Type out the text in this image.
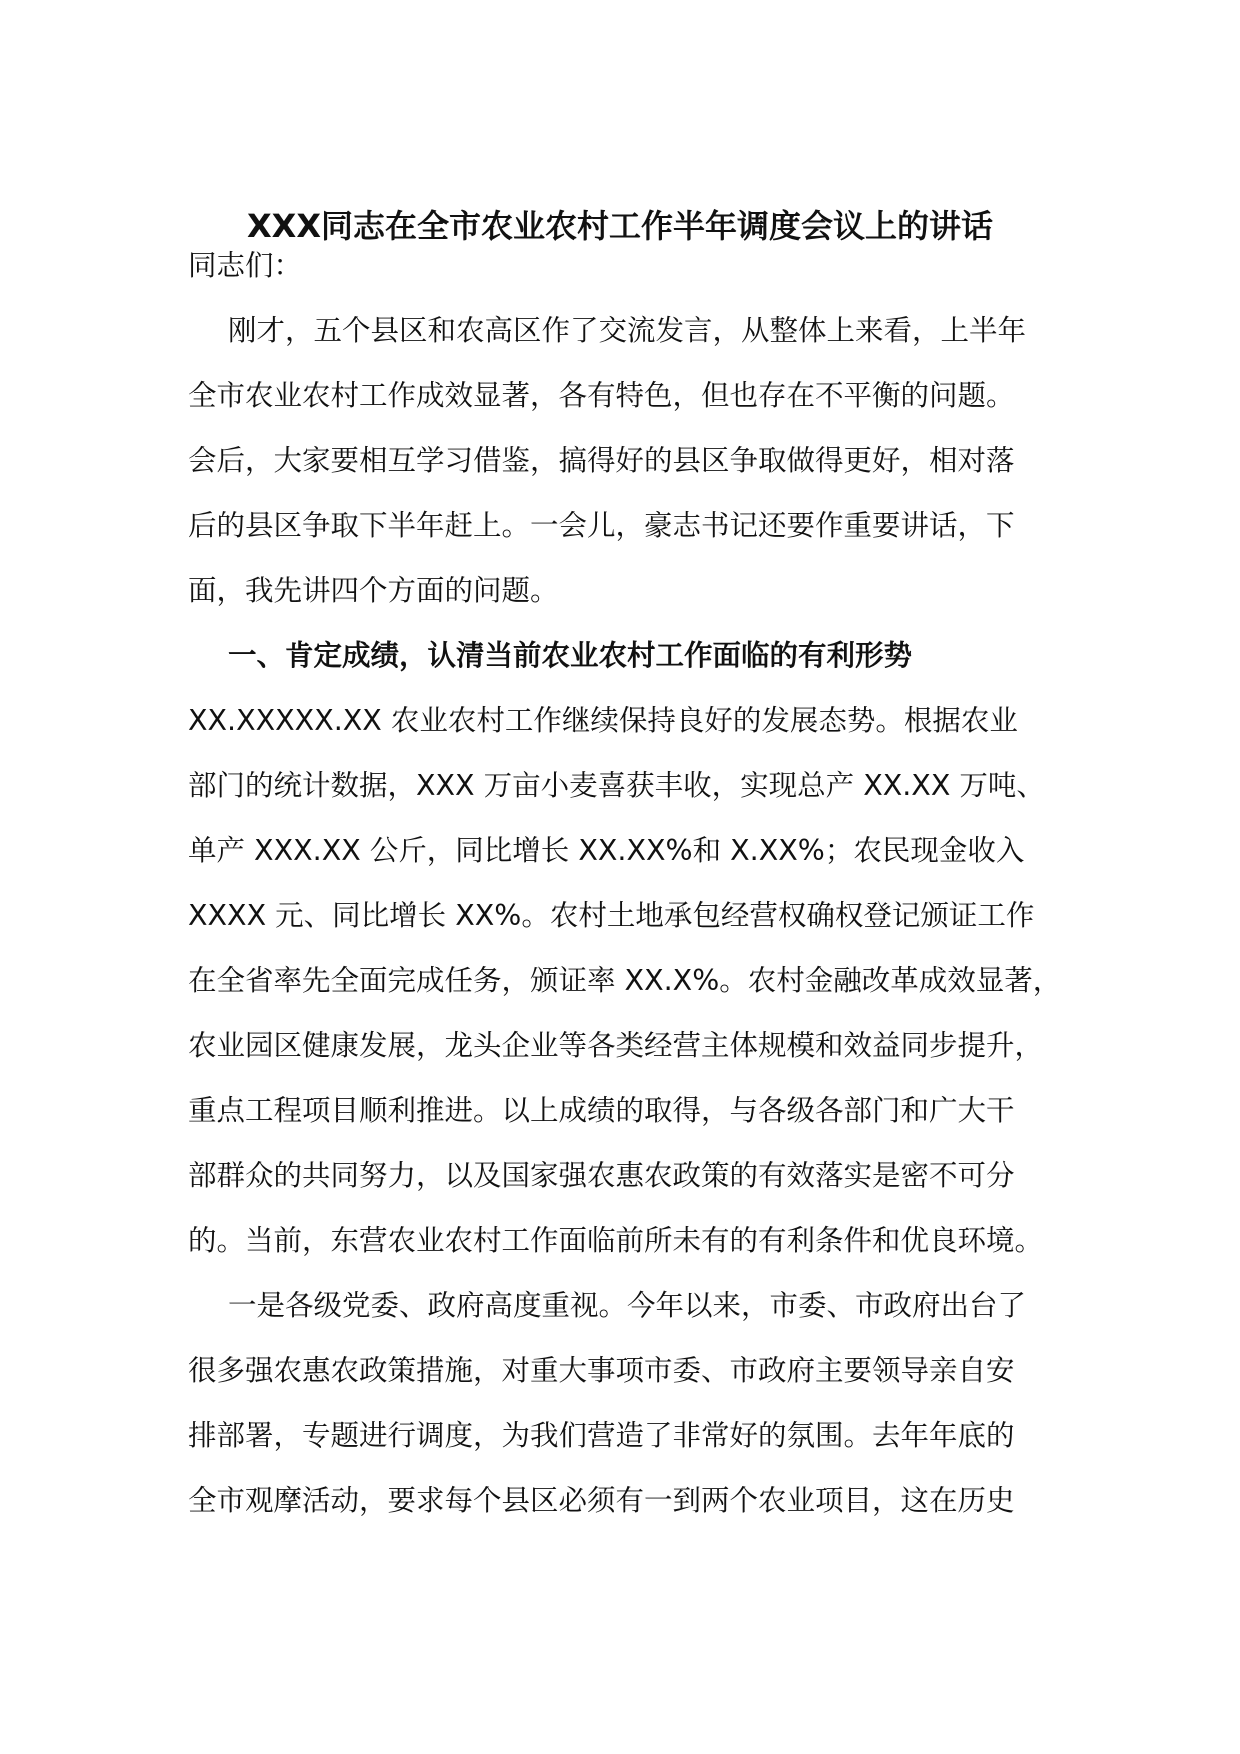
XXX同志在全市农业农村工作半年调度会议上的讲话

同志们：

刚才，五个县区和农高区作了交流发言，从整体上来看，上半年
全市农业农村工作成效显著，各有特色，但也存在不平衡的问题。
会后，大家要相互学习借鉴，搞得好的县区争取做得更好，相对落
后的县区争取下半年赶上。一会儿，豪志书记还要作重要讲话，下
面，我先讲四个方面的问题。

一、肯定成绩，认清当前农业农村工作面临的有利形势

XX.XXXXX.XX 农业农村工作继续保持良好的发展态势。根据农业
部门的统计数据，XXX 万亩小麦喜获丰收，实现总产 XX.XX 万吨、
单产 XXX.XX 公斤，同比增长 XX.XX%和 X.XX%；农民现金收入
XXXX 元、同比增长 XX%。农村土地承包经营权确权登记颁证工作
在全省率先全面完成任务，颁证率 XX.X%。农村金融改革成效显著，
农业园区健康发展，龙头企业等各类经营主体规模和效益同步提升，
重点工程项目顺利推进。以上成绩的取得，与各级各部门和广大干
部群众的共同努力，以及国家强农惠农政策的有效落实是密不可分
的。当前，东营农业农村工作面临前所未有的有利条件和优良环境。

一是各级党委、政府高度重视。今年以来，市委、市政府出台了
很多强农惠农政策措施，对重大事项市委、市政府主要领导亲自安
排部署，专题进行调度，为我们营造了非常好的氛围。去年年底的
全市观摩活动，要求每个县区必须有一到两个农业项目，这在历史
